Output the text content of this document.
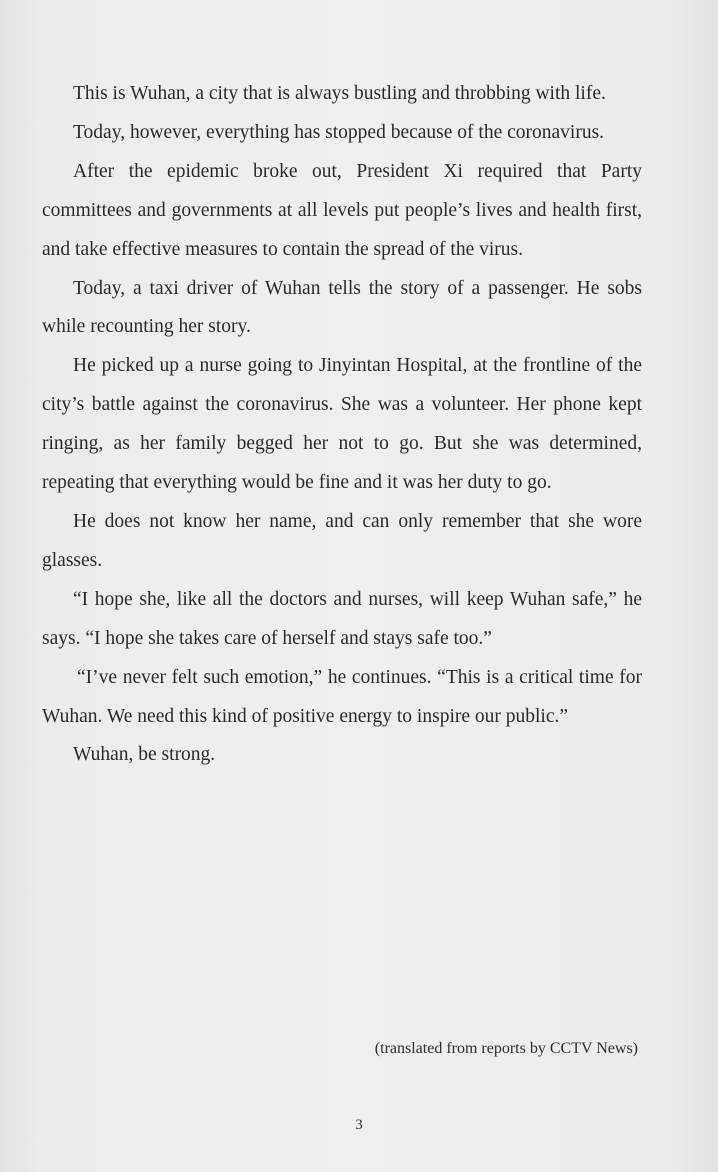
This is Wuhan, a city that is always bustling and throbbing with life.

Today, however, everything has stopped because of the coronavirus.

After the epidemic broke out, President Xi required that Party committees and governments at all levels put people’s lives and health first, and take effective measures to contain the spread of the virus.

Today, a taxi driver of Wuhan tells the story of a passenger. He sobs while recounting her story.

He picked up a nurse going to Jinyintan Hospital, at the frontline of the city’s battle against the coronavirus. She was a volunteer. Her phone kept ringing, as her family begged her not to go. But she was determined, repeating that everything would be fine and it was her duty to go.

He does not know her name, and can only remember that she wore glasses.

“I hope she, like all the doctors and nurses, will keep Wuhan safe,” he says. “I hope she takes care of herself and stays safe too.”

“I’ve never felt such emotion,” he continues. “This is a critical time for Wuhan. We need this kind of positive energy to inspire our public.”

Wuhan, be strong.

(translated from reports by CCTV News)
3
